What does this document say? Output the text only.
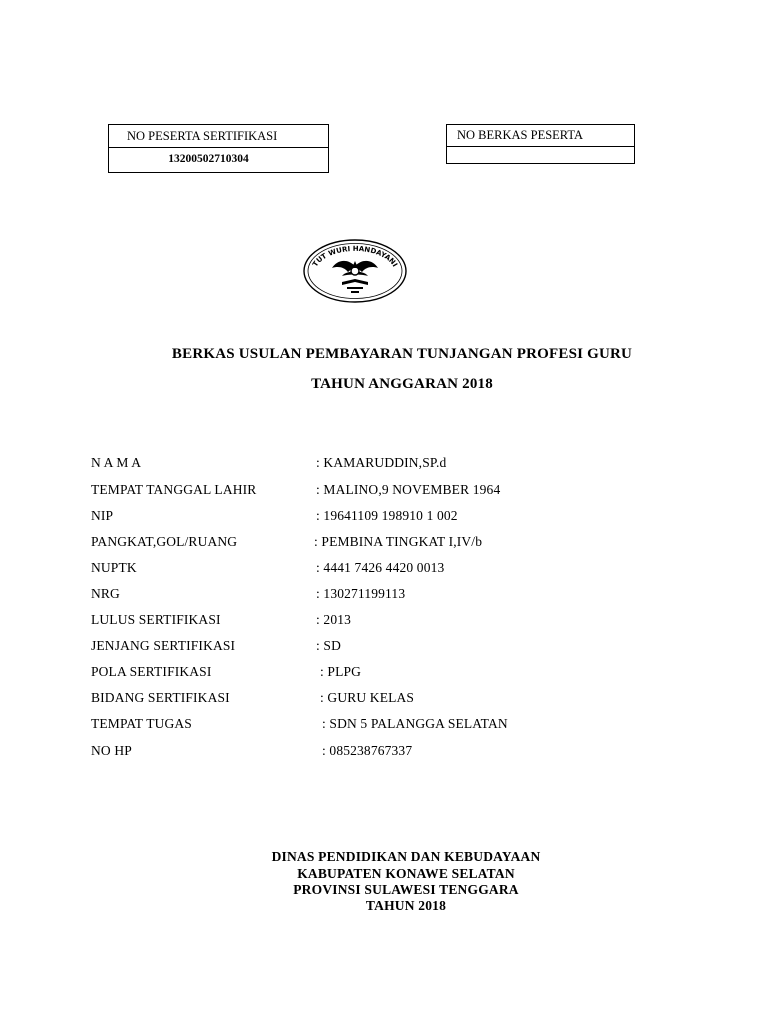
NO PESERTA SERTIFIKASI
13200502710304
NO BERKAS PESERTA
TUT WURI HANDAYANI
BERKAS USULAN PEMBAYARAN TUNJANGAN PROFESI GURU
TAHUN ANGGARAN 2018
N A M A	: KAMARUDDIN,SP.d
TEMPAT TANGGAL LAHIR	: MALINO,9 NOVEMBER 1964
NIP	: 19641109 198910 1 002
PANGKAT,GOL/RUANG	: PEMBINA TINGKAT I,IV/b
NUPTK	: 4441 7426 4420 0013
NRG	: 130271199113
LULUS SERTIFIKASI	: 2013
JENJANG SERTIFIKASI	: SD
POLA SERTIFIKASI	: PLPG
BIDANG SERTIFIKASI	: GURU KELAS
TEMPAT TUGAS	: SDN 5 PALANGGA SELATAN
NO HP	: 085238767337
DINAS PENDIDIKAN DAN KEBUDAYAAN
KABUPATEN KONAWE SELATAN
PROVINSI SULAWESI TENGGARA
TAHUN 2018
